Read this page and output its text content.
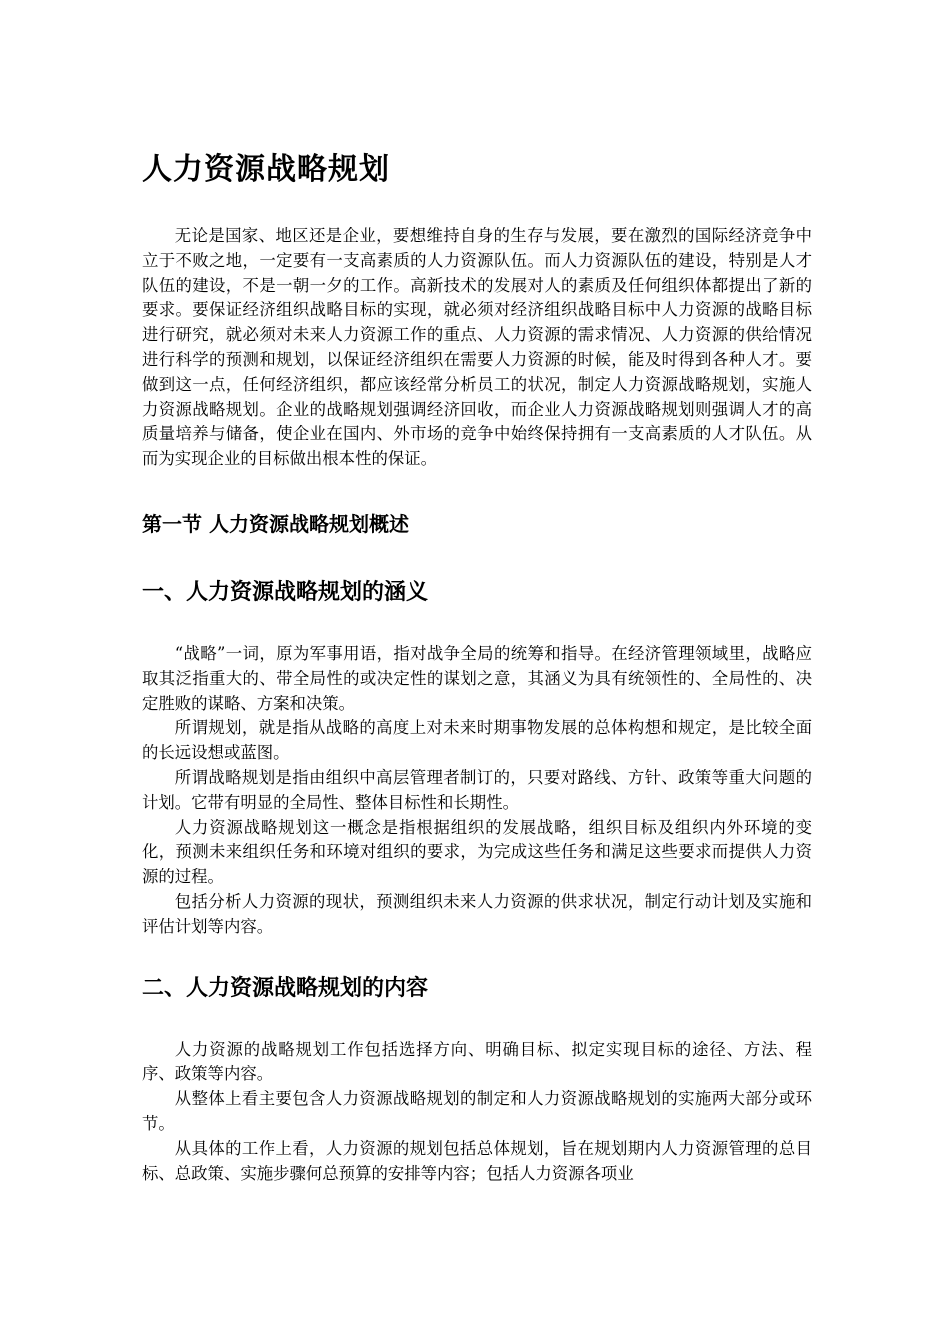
人力资源战略规划

无论是国家、地区还是企业，要想维持自身的生存与发展，要在激烈的国际经济竞争中立于不败之地，一定要有一支高素质的人力资源队伍。而人力资源队伍的建设，特别是人才队伍的建设，不是一朝一夕的工作。高新技术的发展对人的素质及任何组织体都提出了新的要求。要保证经济组织战略目标的实现，就必须对经济组织战略目标中人力资源的战略目标进行研究，就必须对未来人力资源工作的重点、人力资源的需求情况、人力资源的供给情况进行科学的预测和规划，以保证经济组织在需要人力资源的时候，能及时得到各种人才。要做到这一点，任何经济组织，都应该经常分析员工的状况，制定人力资源战略规划，实施人力资源战略规划。企业的战略规划强调经济回收，而企业人力资源战略规划则强调人才的高质量培养与储备，使企业在国内、外市场的竞争中始终保持拥有一支高素质的人才队伍。从而为实现企业的目标做出根本性的保证。

第一节 人力资源战略规划概述
一、人力资源战略规划的涵义

“战略”一词，原为军事用语，指对战争全局的统筹和指导。在经济管理领域里，战略应取其泛指重大的、带全局性的或决定性的谋划之意，其涵义为具有统领性的、全局性的、决定胜败的谋略、方案和决策。

所谓规划，就是指从战略的高度上对未来时期事物发展的总体构想和规定，是比较全面的长远设想或蓝图。

所谓战略规划是指由组织中高层管理者制订的，只要对路线、方针、政策等重大问题的计划。它带有明显的全局性、整体目标性和长期性。

人力资源战略规划这一概念是指根据组织的发展战略，组织目标及组织内外环境的变化，预测未来组织任务和环境对组织的要求，为完成这些任务和满足这些要求而提供人力资源的过程。

包括分析人力资源的现状，预测组织未来人力资源的供求状况，制定行动计划及实施和评估计划等内容。

二、人力资源战略规划的内容

人力资源的战略规划工作包括选择方向、明确目标、拟定实现目标的途径、方法、程序、政策等内容。

从整体上看主要包含人力资源战略规划的制定和人力资源战略规划的实施两大部分或环节。

从具体的工作上看，人力资源的规划包括总体规划，旨在规划期内人力资源管理的总目标、总政策、实施步骤何总预算的安排等内容；包括人力资源各项业
